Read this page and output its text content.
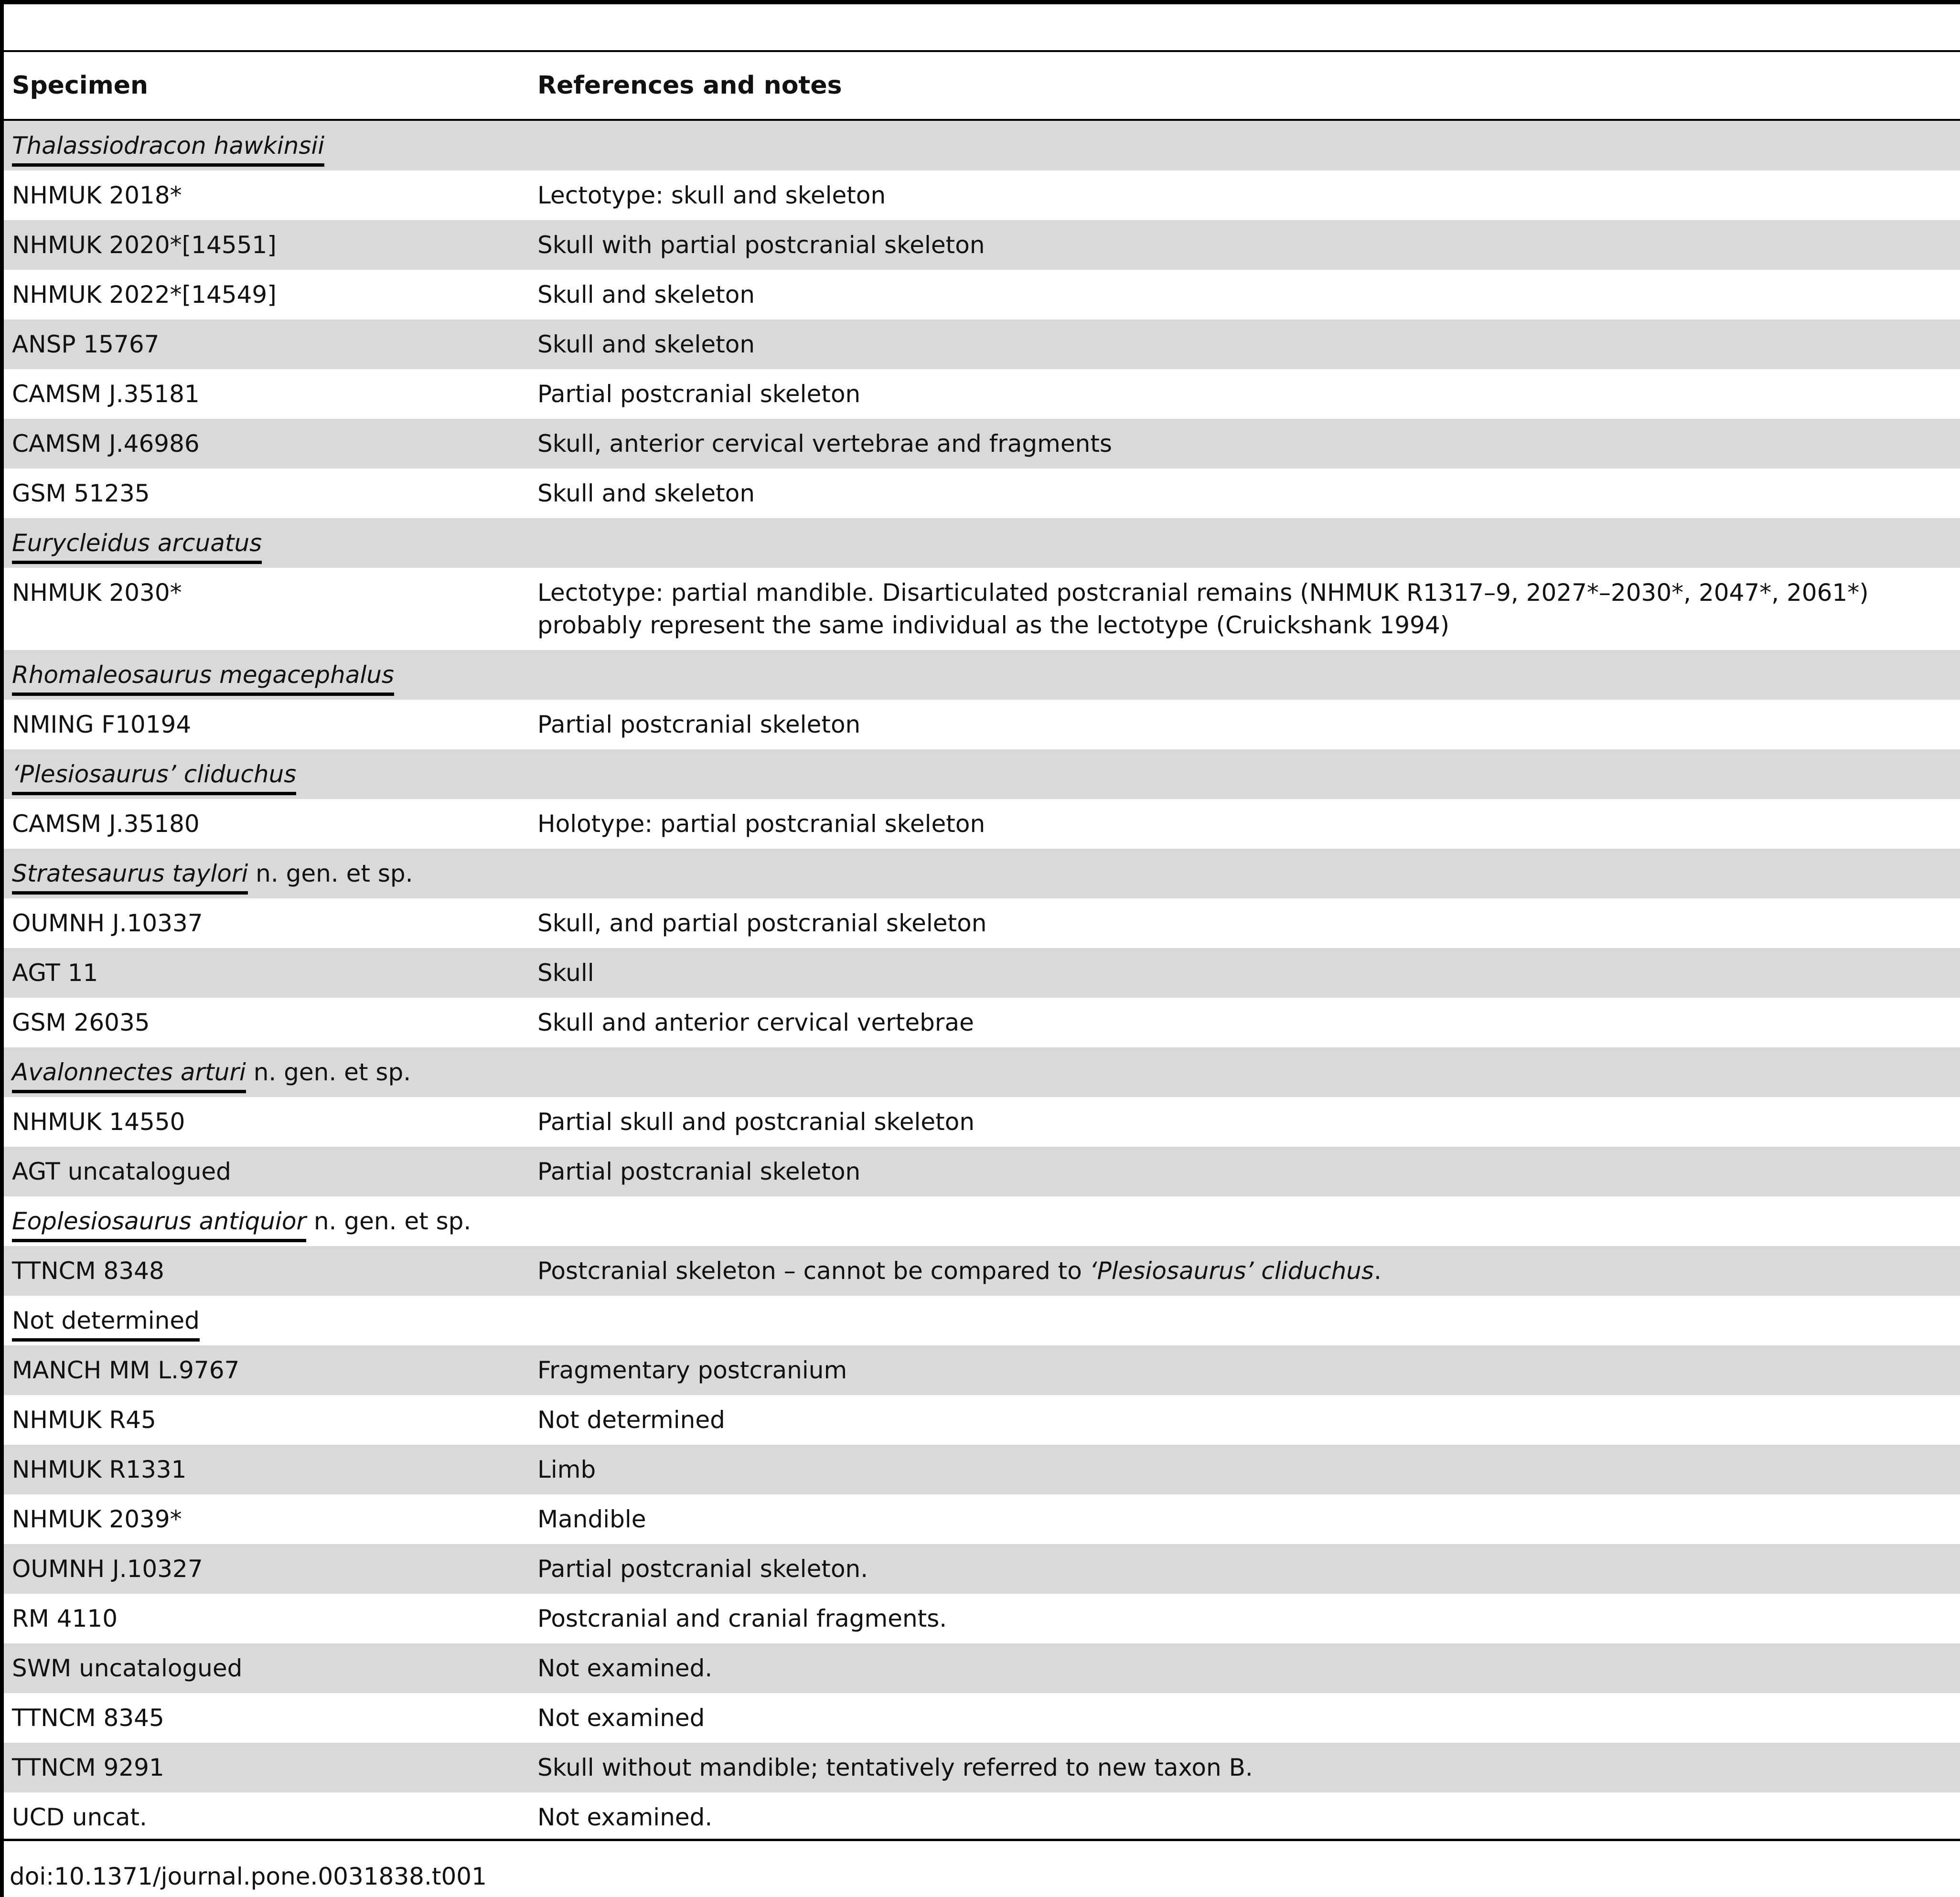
Specimen	References and notes
Thalassiodracon hawkinsii
NHMUK 2018*	Lectotype: skull and skeleton
NHMUK 2020*[14551]	Skull with partial postcranial skeleton
NHMUK 2022*[14549]	Skull and skeleton
ANSP 15767	Skull and skeleton
CAMSM J.35181	Partial postcranial skeleton
CAMSM J.46986	Skull, anterior cervical vertebrae and fragments
GSM 51235	Skull and skeleton
Eurycleidus arcuatus
NHMUK 2030*	Lectotype: partial mandible. Disarticulated postcranial remains (NHMUK R1317–9, 2027*–2030*, 2047*, 2061*) probably represent the same individual as the lectotype (Cruickshank 1994)
Rhomaleosaurus megacephalus
NMING F10194	Partial postcranial skeleton
‘Plesiosaurus’ cliduchus
CAMSM J.35180	Holotype: partial postcranial skeleton
Stratesaurus taylori n. gen. et sp.
OUMNH J.10337	Skull, and partial postcranial skeleton
AGT 11	Skull
GSM 26035	Skull and anterior cervical vertebrae
Avalonnectes arturi n. gen. et sp.
NHMUK 14550	Partial skull and postcranial skeleton
AGT uncatalogued	Partial postcranial skeleton
Eoplesiosaurus antiquior n. gen. et sp.
TTNCM 8348	Postcranial skeleton – cannot be compared to ‘Plesiosaurus’ cliduchus.
Not determined
MANCH MM L.9767	Fragmentary postcranium
NHMUK R45	Not determined
NHMUK R1331	Limb
NHMUK 2039*	Mandible
OUMNH J.10327	Partial postcranial skeleton.
RM 4110	Postcranial and cranial fragments.
SWM uncatalogued	Not examined.
TTNCM 8345	Not examined
TTNCM 9291	Skull without mandible; tentatively referred to new taxon B.
UCD uncat.	Not examined.
doi:10.1371/journal.pone.0031838.t001
